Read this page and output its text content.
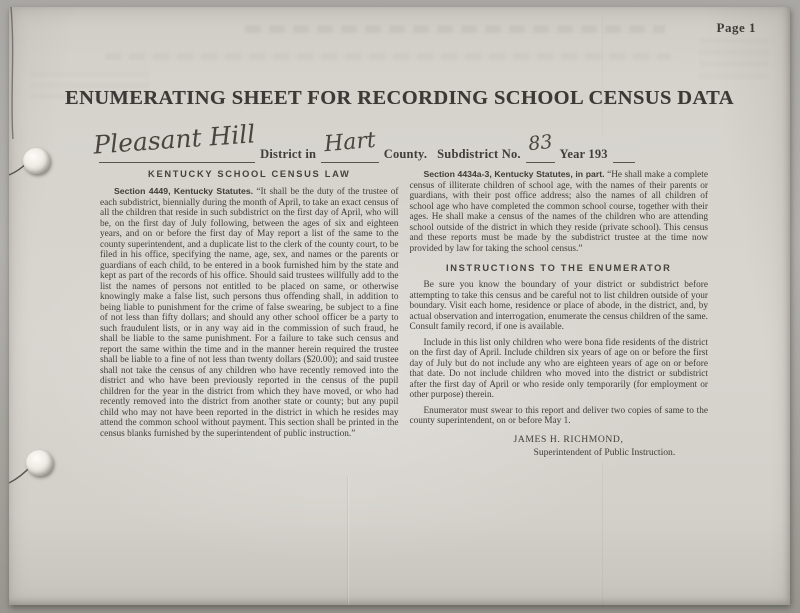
Page 1
ENUMERATING SHEET FOR RECORDING SCHOOL CENSUS DATA
Pleasant Hill District in Hart County. Subdistrict No. 83 Year 193
KENTUCKY SCHOOL CENSUS LAW

Section 4449, Kentucky Statutes. “It shall be the duty of the trustee of each subdistrict, biennially during the month of April, to take an exact census of all the children that reside in such subdistrict on the first day of April, who will be, on the first day of July following, between the ages of six and eighteen years, and on or before the first day of May report a list of the same to the county superintendent, and a duplicate list to the clerk of the county court, to be filed in his office, specifying the name, age, sex, and names or the parents or guardians of each child, to be entered in a book furnished him by the state and kept as part of the records of his office. Should said trustees willfully add to the list the names of persons not entitled to be placed on same, or otherwise knowingly make a false list, such persons thus offending shall, in addition to being liable to punishment for the crime of false swearing, be subject to a fine of not less than fifty dollars; and should any other school officer be a party to such fraudulent lists, or in any way aid in the commission of such fraud, he shall be liable to the same punishment. For a failure to take such census and report the same within the time and in the manner herein required the trustee shall be liable to a fine of not less than twenty dollars ($20.00); and said trustee shall not take the census of any children who have recently removed into the district and who have been previously reported in the census of the pupil children for the year in the district from which they have moved, or who had recently removed into the district from another state or county; but any pupil child who may not have been reported in the district in which he resides may attend the common school without payment. This section shall be printed in the census blanks furnished by the superintendent of public instruction.”

Section 4434a-3, Kentucky Statutes, in part. “He shall make a complete census of illiterate children of school age, with the names of their parents or guardians, with their post office address; also the names of all children of school age who have completed the common school course, together with their ages. He shall make a census of the names of the children who are attending school outside of the district in which they reside (private school). This census and these reports must be made by the subdistrict trustee at the time now provided by law for taking the school census.”

INSTRUCTIONS TO THE ENUMERATOR

Be sure you know the boundary of your district or subdistrict before attempting to take this census and be careful not to list children outside of your boundary. Visit each home, residence or place of abode, in the district, and, by actual observation and interrogation, enumerate the census children of the same. Consult family record, if one is available.

Include in this list only children who were bona fide residents of the district on the first day of April. Include children six years of age on or before the first day of July but do not include any who are eighteen years of age on or before that date. Do not include children who moved into the district or subdistrict after the first day of April or who reside only temporarily (for employment or other purpose) therein.

Enumerator must swear to this report and deliver two copies of same to the county superintendent, on or before May 1.

JAMES H. RICHMOND,
Superintendent of Public Instruction.
